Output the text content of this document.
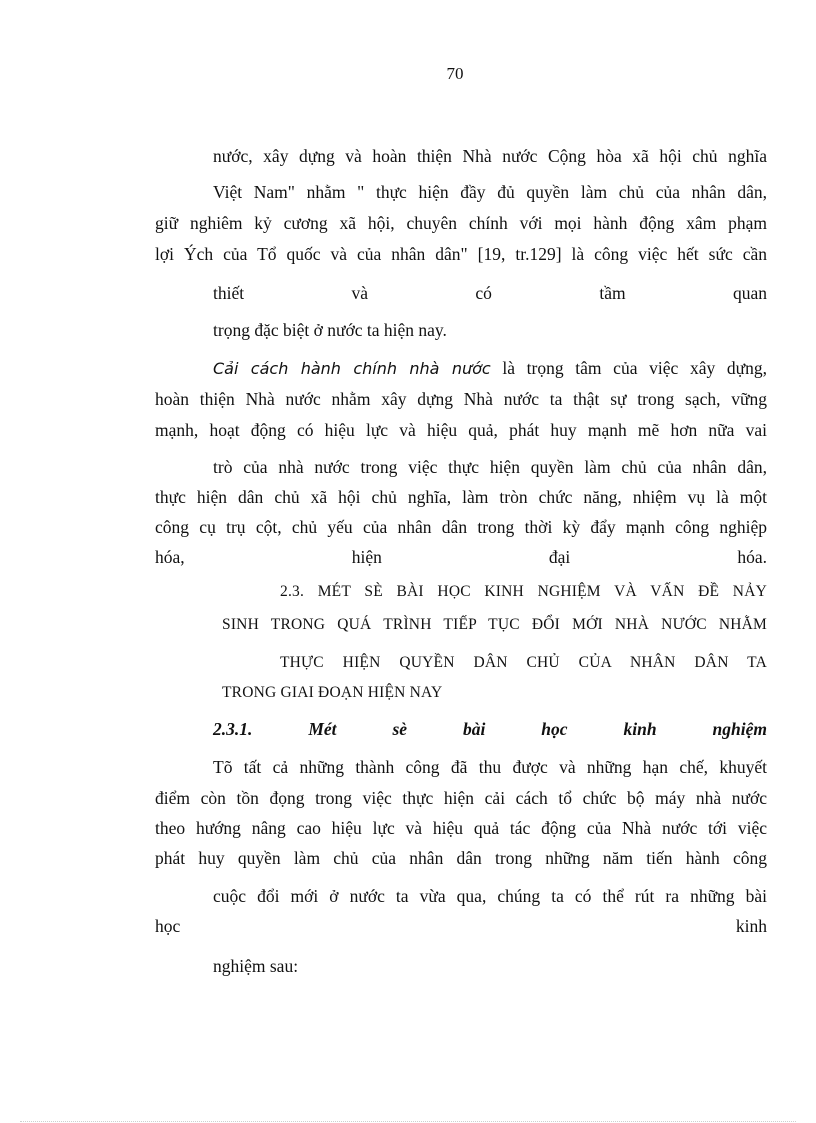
70
nước, xây dựng và hoàn thiện Nhà nước Cộng hòa xã hội chủ nghĩa
Việt Nam" nhằm " thực hiện đầy đủ quyền làm chủ của nhân dân,
giữ nghiêm kỷ cương xã hội, chuyên chính với mọi hành động xâm phạm
lợi Ých của Tổ quốc và của nhân dân" [19, tr.129] là công việc hết sức cần
thiết và có tầm quan
trọng đặc biệt ở nước ta hiện nay.
Cải cách hành chính nhà nước là trọng tâm của việc xây dựng,
hoàn thiện Nhà nước nhằm xây dựng Nhà nước ta thật sự trong sạch, vững
mạnh, hoạt động có hiệu lực và hiệu quả, phát huy mạnh mẽ hơn nữa vai
trò của nhà nước trong việc thực hiện quyền làm chủ của nhân dân,
thực hiện dân chủ xã hội chủ nghĩa, làm tròn chức năng, nhiệm vụ là một
công cụ trụ cột, chủ yếu của nhân dân trong thời kỳ đẩy mạnh công nghiệp
hóa, hiện đại hóa.
2.3. MÉT SÈ BÀI HỌC KINH NGHIỆM VÀ VẤN ĐỀ NẢY
SINH TRONG QUÁ TRÌNH TIẾP TỤC ĐỔI MỚI NHÀ NƯỚC NHẰM
THỰC HIỆN QUYỀN DÂN CHỦ CỦA NHÂN DÂN TA
TRONG GIAI ĐOẠN HIỆN NAY
2.3.1. Mét sè bài học kinh nghiệm
Tõ tất cả những thành công đã thu được và những hạn chế, khuyết
điểm còn tồn đọng trong việc thực hiện cải cách tổ chức bộ máy nhà nước
theo hướng nâng cao hiệu lực và hiệu quả tác động của Nhà nước tới việc
phát huy quyền làm chủ của nhân dân trong những năm tiến hành công
cuộc đổi mới ở nước ta vừa qua, chúng ta có thể rút ra những bài
học kinh
nghiệm sau:
